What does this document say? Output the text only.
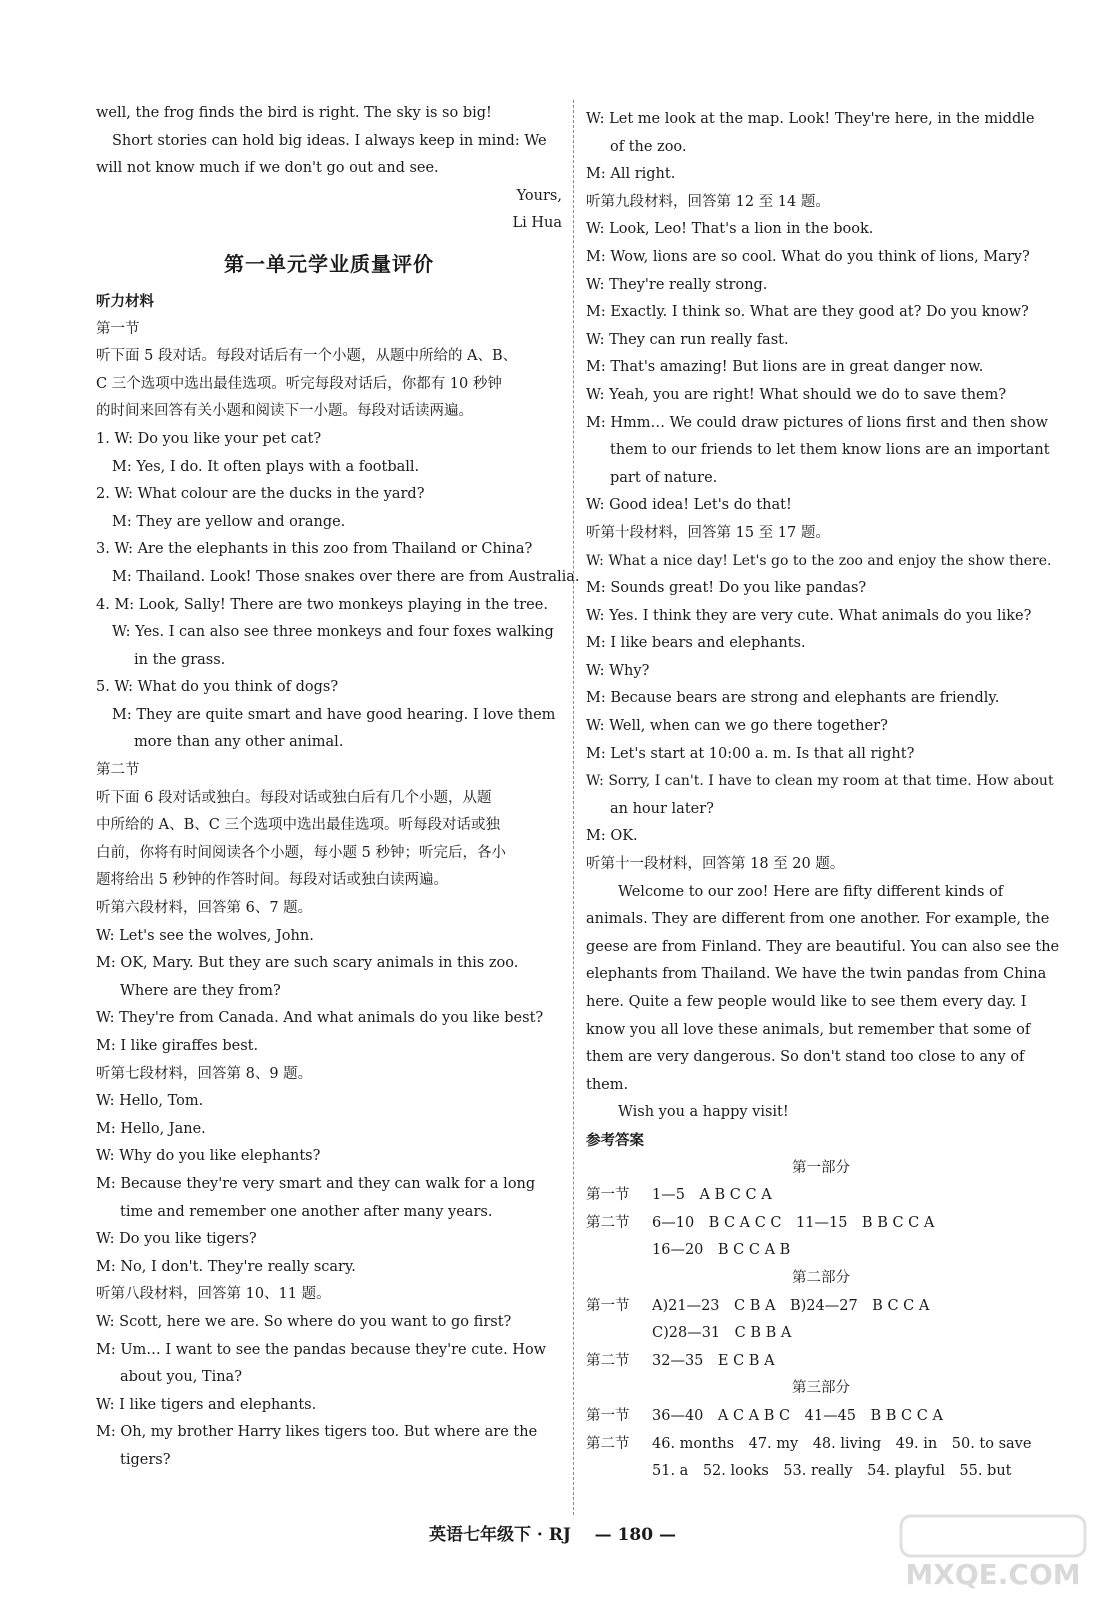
well, the frog finds the bird is right. The sky is so big!
Short stories can hold big ideas. I always keep in mind: We
will not know much if we don't go out and see.
Yours,
Li Hua
第一单元学业质量评价
听力材料
第一节
听下面 5 段对话。每段对话后有一个小题，从题中所给的 A、B、
C 三个选项中选出最佳选项。听完每段对话后，你都有 10 秒钟
的时间来回答有关小题和阅读下一小题。每段对话读两遍。
1. W: Do you like your pet cat?
M: Yes, I do. It often plays with a football.
2. W: What colour are the ducks in the yard?
M: They are yellow and orange.
3. W: Are the elephants in this zoo from Thailand or China?
M: Thailand. Look! Those snakes over there are from Australia.
4. M: Look, Sally! There are two monkeys playing in the tree.
W: Yes. I can also see three monkeys and four foxes walking
in the grass.
5. W: What do you think of dogs?
M: They are quite smart and have good hearing. I love them
more than any other animal.
第二节
听下面 6 段对话或独白。每段对话或独白后有几个小题，从题
中所给的 A、B、C 三个选项中选出最佳选项。听每段对话或独
白前，你将有时间阅读各个小题，每小题 5 秒钟；听完后，各小
题将给出 5 秒钟的作答时间。每段对话或独白读两遍。
听第六段材料，回答第 6、7 题。
W: Let's see the wolves, John.
M: OK, Mary. But they are such scary animals in this zoo.
Where are they from?
W: They're from Canada. And what animals do you like best?
M: I like giraffes best.
听第七段材料，回答第 8、9 题。
W: Hello, Tom.
M: Hello, Jane.
W: Why do you like elephants?
M: Because they're very smart and they can walk for a long
time and remember one another after many years.
W: Do you like tigers?
M: No, I don't. They're really scary.
听第八段材料，回答第 10、11 题。
W: Scott, here we are. So where do you want to go first?
M: Um… I want to see the pandas because they're cute. How
about you, Tina?
W: I like tigers and elephants.
M: Oh, my brother Harry likes tigers too. But where are the
tigers?
W: Let me look at the map. Look! They're here, in the middle
of the zoo.
M: All right.
听第九段材料，回答第 12 至 14 题。
W: Look, Leo! That's a lion in the book.
M: Wow, lions are so cool. What do you think of lions, Mary?
W: They're really strong.
M: Exactly. I think so. What are they good at? Do you know?
W: They can run really fast.
M: That's amazing! But lions are in great danger now.
W: Yeah, you are right! What should we do to save them?
M: Hmm… We could draw pictures of lions first and then show
them to our friends to let them know lions are an important
part of nature.
W: Good idea! Let's do that!
听第十段材料，回答第 15 至 17 题。
W: What a nice day! Let's go to the zoo and enjoy the show there.
M: Sounds great! Do you like pandas?
W: Yes. I think they are very cute. What animals do you like?
M: I like bears and elephants.
W: Why?
M: Because bears are strong and elephants are friendly.
W: Well, when can we go there together?
M: Let's start at 10:00 a. m. Is that all right?
W: Sorry, I can't. I have to clean my room at that time. How about
an hour later?
M: OK.
听第十一段材料，回答第 18 至 20 题。
Welcome to our zoo! Here are fifty different kinds of
animals. They are different from one another. For example, the
geese are from Finland. They are beautiful. You can also see the
elephants from Thailand. We have the twin pandas from China
here. Quite a few people would like to see them every day. I
know you all love these animals, but remember that some of
them are very dangerous. So don't stand too close to any of
them.
Wish you a happy visit!
参考答案
第一部分
第一节	1—5　A B C C A
第二节	6—10　B C A C C　11—15　B B C C A
16—20　B C C A B
第二部分
第一节	A)21—23　C B A　B)24—27　B C C A
C)28—31　C B B A
第二节	32—35　E C B A
第三部分
第一节	36—40　A C A B C　41—45　B B C C A
第二节	46. months　47. my　48. living　49. in　50. to save
51. a　52. looks　53. really　54. playful　55. but
英语七年级下 · RJ — 180 —
MXQE.COM
